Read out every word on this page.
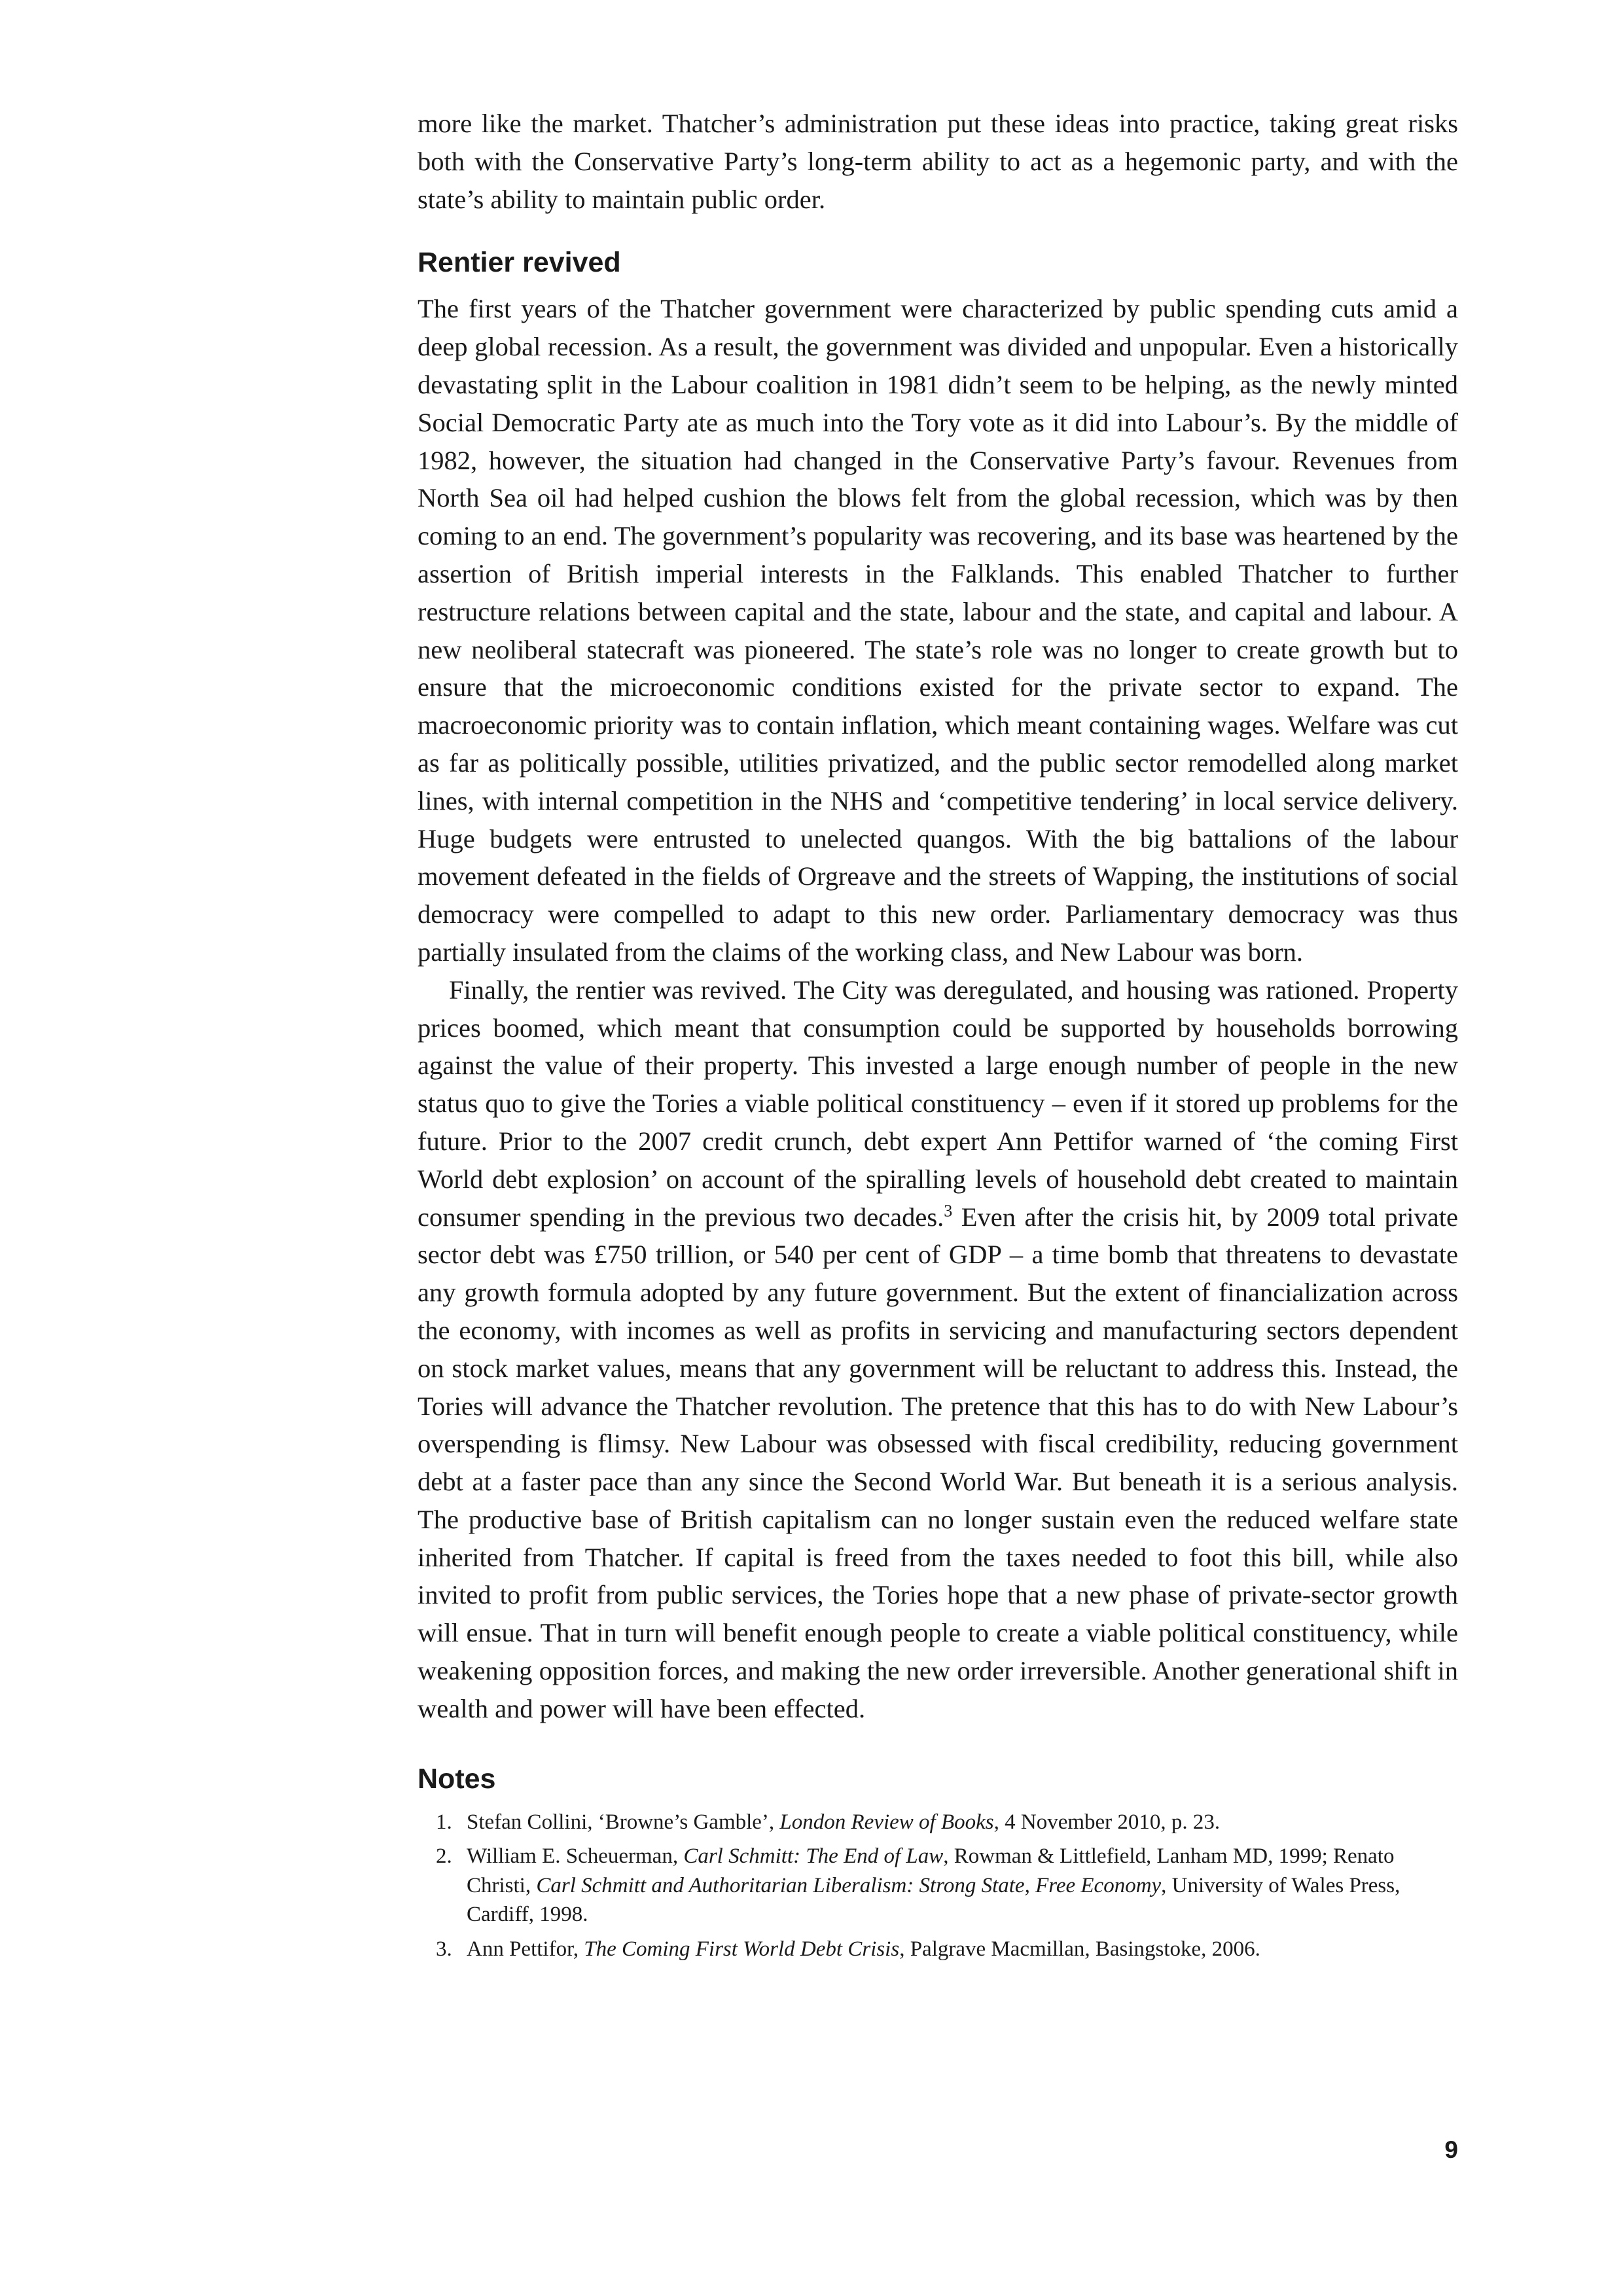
more like the market. Thatcher’s administration put these ideas into practice, taking great risks both with the Conservative Party’s long-term ability to act as a hegemonic party, and with the state’s ability to maintain public order.

Rentier revived

The first years of the Thatcher government were characterized by public spending cuts amid a deep global recession. As a result, the government was divided and unpopular. Even a historically devastating split in the Labour coalition in 1981 didn’t seem to be helping, as the newly minted Social Democratic Party ate as much into the Tory vote as it did into Labour’s. By the middle of 1982, however, the situation had changed in the Conservative Party’s favour. Revenues from North Sea oil had helped cushion the blows felt from the global recession, which was by then coming to an end. The government’s popularity was recovering, and its base was heartened by the assertion of British imperial interests in the Falklands. This enabled Thatcher to further restructure relations between capital and the state, labour and the state, and capital and labour. A new neoliberal statecraft was pioneered. The state’s role was no longer to create growth but to ensure that the microeconomic conditions existed for the private sector to expand. The macroeconomic priority was to contain inflation, which meant containing wages. Welfare was cut as far as politically possible, utilities privatized, and the public sector remodelled along market lines, with internal competition in the NHS and ‘competitive tendering’ in local service delivery. Huge budgets were entrusted to unelected quangos. With the big battalions of the labour movement defeated in the fields of Orgreave and the streets of Wapping, the institutions of social democracy were compelled to adapt to this new order. Parliamentary democracy was thus partially insulated from the claims of the working class, and New Labour was born.

Finally, the rentier was revived. The City was deregulated, and housing was rationed. Property prices boomed, which meant that consumption could be supported by households borrowing against the value of their property. This invested a large enough number of people in the new status quo to give the Tories a viable political constituency – even if it stored up problems for the future. Prior to the 2007 credit crunch, debt expert Ann Pettifor warned of ‘the coming First World debt explosion’ on account of the spiralling levels of household debt created to maintain consumer spending in the previous two decades.$^3$ Even after the crisis hit, by 2009 total private sector debt was £750 trillion, or 540 per cent of GDP – a time bomb that threatens to devastate any growth formula adopted by any future government. But the extent of financialization across the economy, with incomes as well as profits in servicing and manufacturing sectors dependent on stock market values, means that any government will be reluctant to address this. Instead, the Tories will advance the Thatcher revolution. The pretence that this has to do with New Labour’s overspending is flimsy. New Labour was obsessed with fiscal credibility, reducing government debt at a faster pace than any since the Second World War. But beneath it is a serious analysis. The productive base of British capitalism can no longer sustain even the reduced welfare state inherited from Thatcher. If capital is freed from the taxes needed to foot this bill, while also invited to profit from public services, the Tories hope that a new phase of private-sector growth will ensue. That in turn will benefit enough people to create a viable political constituency, while weakening opposition forces, and making the new order irreversible. Another generational shift in wealth and power will have been effected.

Notes
1. Stefan Collini, ‘Browne’s Gamble’, London Review of Books, 4 November 2010, p. 23.
2. William E. Scheuerman, Carl Schmitt: The End of Law, Rowman & Littlefield, Lanham MD, 1999; Renato Christi, Carl Schmitt and Authoritarian Liberalism: Strong State, Free Economy, University of Wales Press, Cardiff, 1998.
3. Ann Pettifor, The Coming First World Debt Crisis, Palgrave Macmillan, Basingstoke, 2006.
9
